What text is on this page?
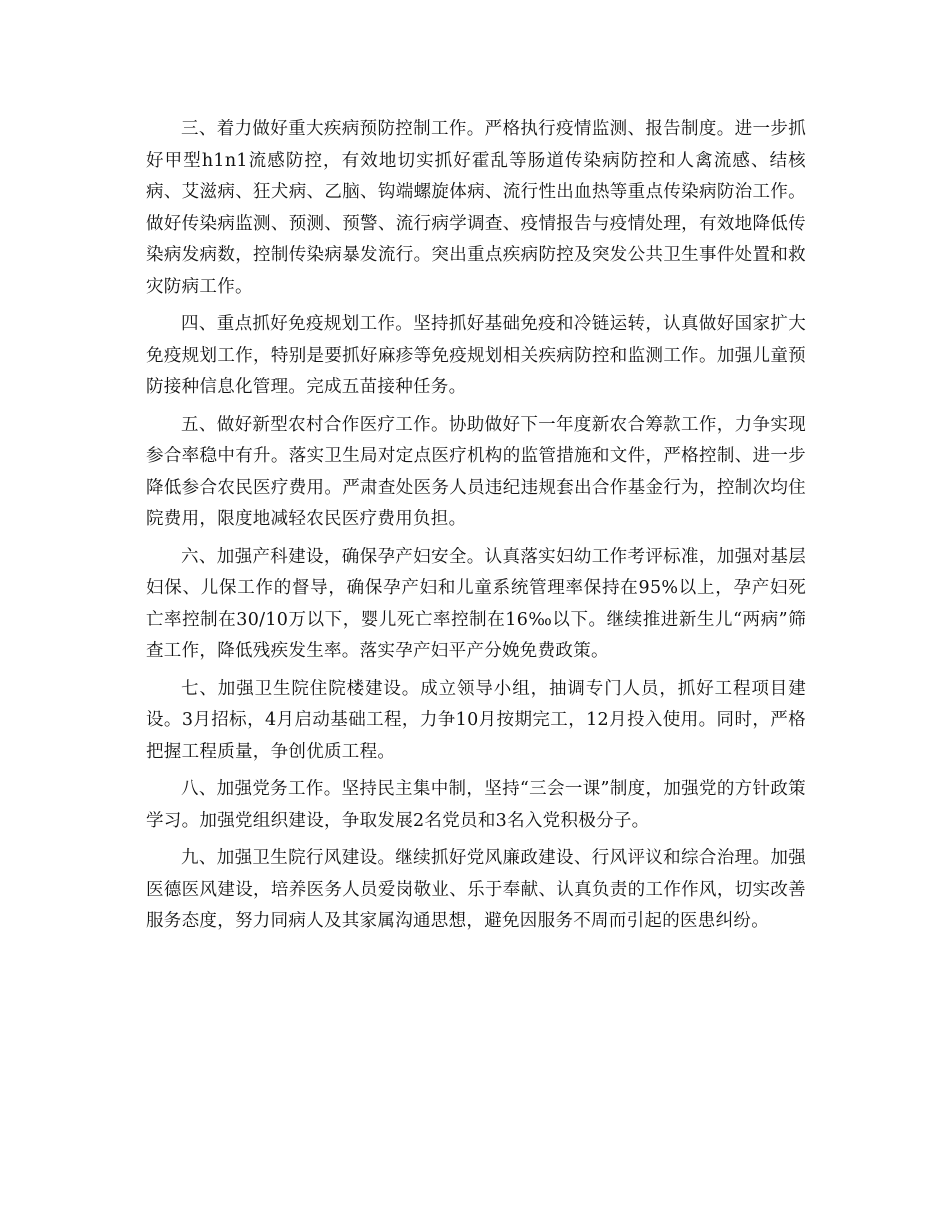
三、着力做好重大疾病预防控制工作。严格执行疫情监测、报告制度。进一步抓好甲型h1n1流感防控，有效地切实抓好霍乱等肠道传染病防控和人禽流感、结核病、艾滋病、狂犬病、乙脑、钩端螺旋体病、流行性出血热等重点传染病防治工作。做好传染病监测、预测、预警、流行病学调查、疫情报告与疫情处理，有效地降低传染病发病数，控制传染病暴发流行。突出重点疾病防控及突发公共卫生事件处置和救灾防病工作。

四、重点抓好免疫规划工作。坚持抓好基础免疫和冷链运转，认真做好国家扩大免疫规划工作，特别是要抓好麻疹等免疫规划相关疾病防控和监测工作。加强儿童预防接种信息化管理。完成五苗接种任务。

五、做好新型农村合作医疗工作。协助做好下一年度新农合筹款工作，力争实现参合率稳中有升。落实卫生局对定点医疗机构的监管措施和文件，严格控制、进一步降低参合农民医疗费用。严肃查处医务人员违纪违规套出合作基金行为，控制次均住院费用，限度地减轻农民医疗费用负担。

六、加强产科建设，确保孕产妇安全。认真落实妇幼工作考评标准，加强对基层妇保、儿保工作的督导，确保孕产妇和儿童系统管理率保持在95%以上，孕产妇死亡率控制在30/10万以下，婴儿死亡率控制在16‰以下。继续推进新生儿“两病”筛查工作，降低残疾发生率。落实孕产妇平产分娩免费政策。

七、加强卫生院住院楼建设。成立领导小组，抽调专门人员，抓好工程项目建设。3月招标，4月启动基础工程，力争10月按期完工，12月投入使用。同时，严格把握工程质量，争创优质工程。

八、加强党务工作。坚持民主集中制，坚持“三会一课”制度，加强党的方针政策学习。加强党组织建设，争取发展2名党员和3名入党积极分子。

九、加强卫生院行风建设。继续抓好党风廉政建设、行风评议和综合治理。加强医德医风建设，培养医务人员爱岗敬业、乐于奉献、认真负责的工作作风，切实改善服务态度，努力同病人及其家属沟通思想，避免因服务不周而引起的医患纠纷。
